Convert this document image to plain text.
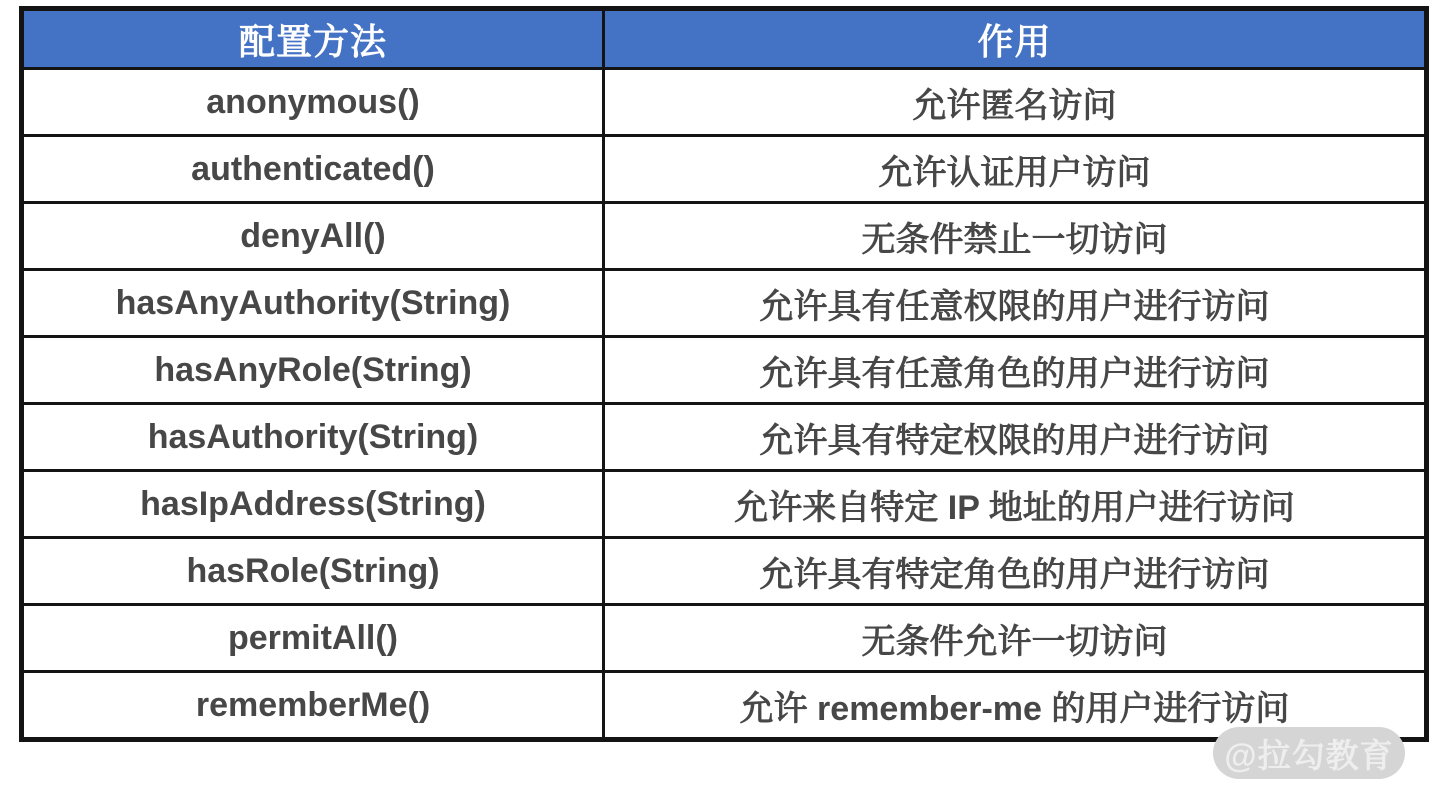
配置方法	作用
anonymous()	允许匿名访问
authenticated()	允许认证用户访问
denyAll()	无条件禁止一切访问
hasAnyAuthority(String)	允许具有任意权限的用户进行访问
hasAnyRole(String)	允许具有任意角色的用户进行访问
hasAuthority(String)	允许具有特定权限的用户进行访问
hasIpAddress(String)	允许来自特定 IP 地址的用户进行访问
hasRole(String)	允许具有特定角色的用户进行访问
permitAll()	无条件允许一切访问
rememberMe()	允许 remember-me 的用户进行访问
@拉勾教育
